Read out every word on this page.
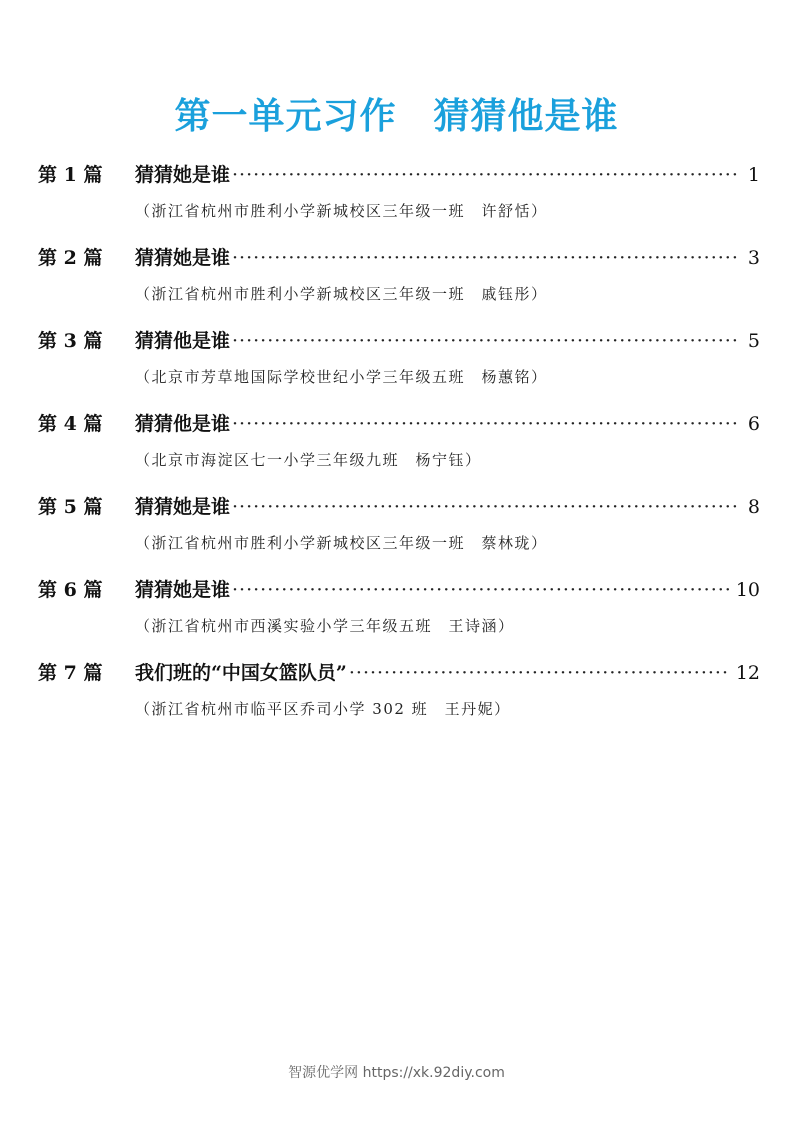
第一单元习作　猜猜他是谁
第 1 篇	猜猜她是谁 ·····	1
（浙江省杭州市胜利小学新城校区三年级一班　许舒恬）
第 2 篇	猜猜她是谁 ·····	3
（浙江省杭州市胜利小学新城校区三年级一班　戚钰彤）
第 3 篇	猜猜他是谁 ·····	5
（北京市芳草地国际学校世纪小学三年级五班　杨蕙铭）
第 4 篇	猜猜他是谁 ·····	6
（北京市海淀区七一小学三年级九班　杨宁钰）
第 5 篇	猜猜她是谁 ·····	8
（浙江省杭州市胜利小学新城校区三年级一班　蔡林珑）
第 6 篇	猜猜她是谁 ·····	10
（浙江省杭州市西溪实验小学三年级五班　王诗涵）
第 7 篇	我们班的“中国女篮队员” ·····	12
（浙江省杭州市临平区乔司小学 302 班　王丹妮）
智源优学网 https://xk.92diy.com
